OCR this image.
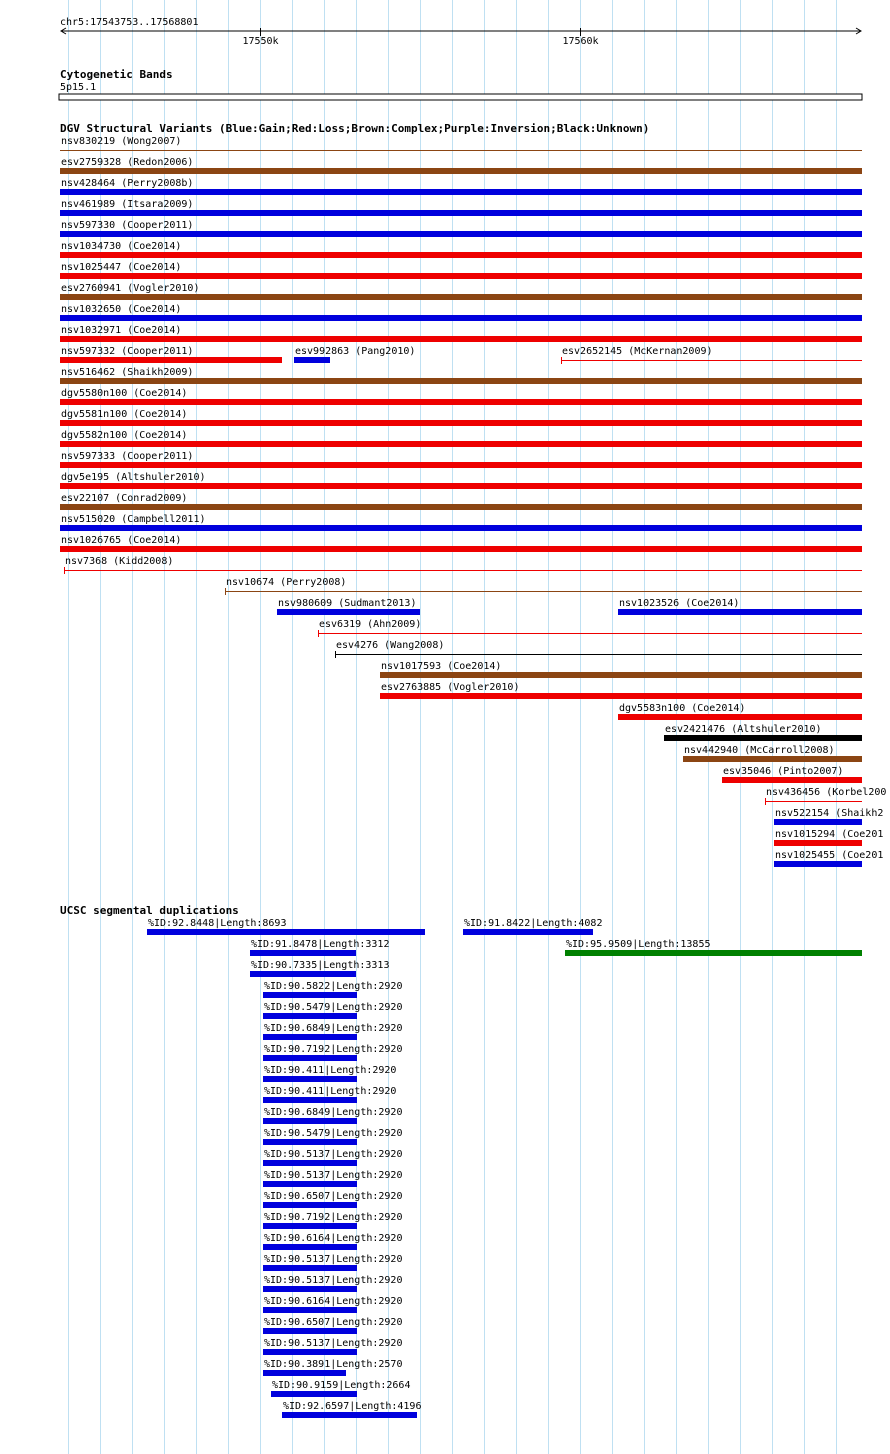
chr5:17543753..17568801
17550k	17560k
Cytogenetic Bands
5p15.1
DGV Structural Variants (Blue:Gain;Red:Loss;Brown:Complex;Purple:Inversion;Black:Unknown)
nsv830219 (Wong2007)
esv2759328 (Redon2006)
nsv428464 (Perry2008b)
nsv461989 (Itsara2009)
nsv597330 (Cooper2011)
nsv1034730 (Coe2014)
nsv1025447 (Coe2014)
esv2760941 (Vogler2010)
nsv1032650 (Coe2014)
nsv1032971 (Coe2014)
nsv597332 (Cooper2011)	esv992863 (Pang2010)	esv2652145 (McKernan2009)
nsv516462 (Shaikh2009)
dgv5580n100 (Coe2014)
dgv5581n100 (Coe2014)
dgv5582n100 (Coe2014)
nsv597333 (Cooper2011)
dgv5e195 (Altshuler2010)
esv22107 (Conrad2009)
nsv515020 (Campbell2011)
nsv1026765 (Coe2014)
nsv7368 (Kidd2008)
nsv10674 (Perry2008)
nsv980609 (Sudmant2013)	nsv1023526 (Coe2014)
esv6319 (Ahn2009)
esv4276 (Wang2008)
nsv1017593 (Coe2014)
esv2763885 (Vogler2010)
dgv5583n100 (Coe2014)
esv2421476 (Altshuler2010)
nsv442940 (McCarroll2008)
esv35046 (Pinto2007)
nsv436456 (Korbel200
nsv522154 (Shaikh2
nsv1015294 (Coe201
nsv1025455 (Coe201
UCSC segmental duplications
%ID:92.8448|Length:8693	%ID:91.8422|Length:4082
%ID:91.8478|Length:3312	%ID:95.9509|Length:13855
%ID:90.7335|Length:3313
%ID:90.5822|Length:2920
%ID:90.5479|Length:2920
%ID:90.6849|Length:2920
%ID:90.7192|Length:2920
%ID:90.411|Length:2920
%ID:90.411|Length:2920
%ID:90.6849|Length:2920
%ID:90.5479|Length:2920
%ID:90.5137|Length:2920
%ID:90.5137|Length:2920
%ID:90.6507|Length:2920
%ID:90.7192|Length:2920
%ID:90.6164|Length:2920
%ID:90.5137|Length:2920
%ID:90.5137|Length:2920
%ID:90.6164|Length:2920
%ID:90.6507|Length:2920
%ID:90.5137|Length:2920
%ID:90.3891|Length:2570
%ID:90.9159|Length:2664
%ID:92.6597|Length:4196
